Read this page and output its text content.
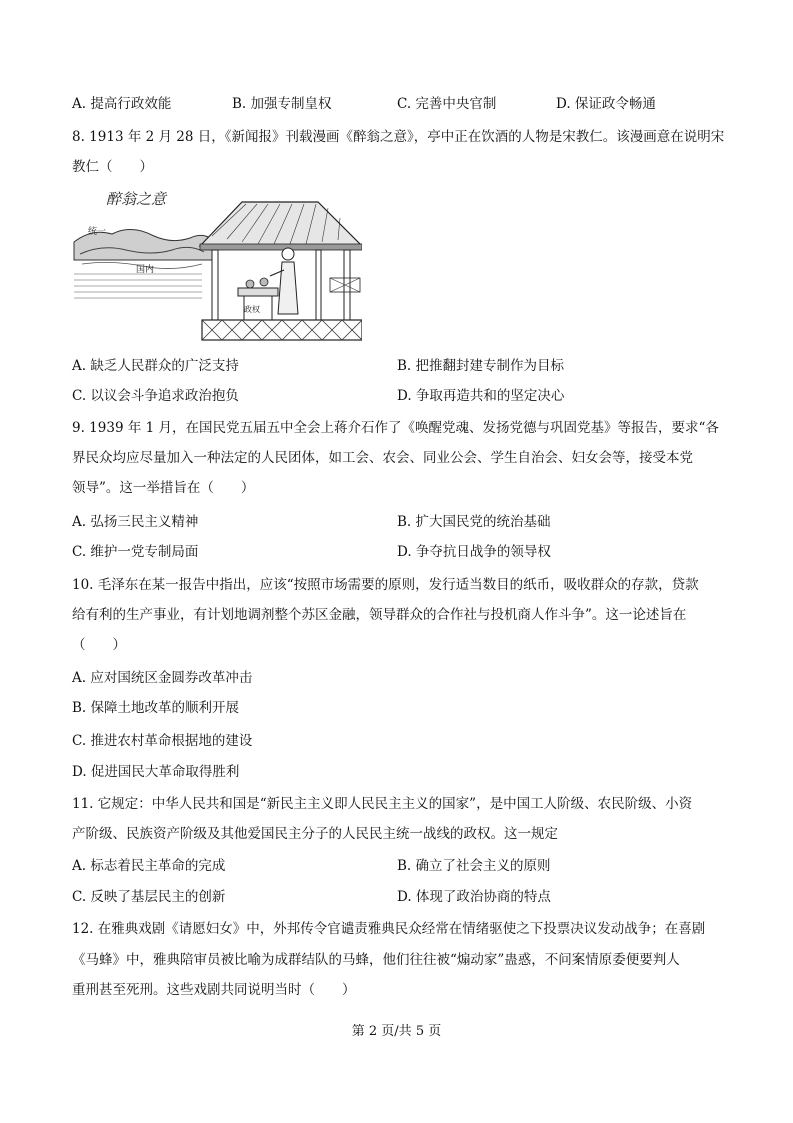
A. 提高行政效能	B. 加强专制皇权	C. 完善中央官制	D. 保证政令畅通
8. 1913 年 2 月 28 日，《新闻报》刊载漫画《醉翁之意》，亭中正在饮酒的人物是宋教仁。该漫画意在说明宋
教仁（　　）
醉翁之意
统一
国内
政权
A. 缺乏人民群众的广泛支持	B. 把推翻封建专制作为目标
C. 以议会斗争追求政治抱负	D. 争取再造共和的坚定决心
9. 1939 年 1 月，在国民党五届五中全会上蒋介石作了《唤醒党魂、发扬党德与巩固党基》等报告，要求“各
界民众均应尽量加入一种法定的人民团体，如工会、农会、同业公会、学生自治会、妇女会等，接受本党
领导”。这一举措旨在（　　）
A. 弘扬三民主义精神	B. 扩大国民党的统治基础
C. 维护一党专制局面	D. 争夺抗日战争的领导权
10. 毛泽东在某一报告中指出，应该“按照市场需要的原则，发行适当数目的纸币，吸收群众的存款，贷款
给有利的生产事业，有计划地调剂整个苏区金融，领导群众的合作社与投机商人作斗争”。这一论述旨在
（　　）
A. 应对国统区金圆券改革冲击
B. 保障土地改革的顺利开展
C. 推进农村革命根据地的建设
D. 促进国民大革命取得胜利
11. 它规定：中华人民共和国是“新民主主义即人民民主主义的国家”，是中国工人阶级、农民阶级、小资
产阶级、民族资产阶级及其他爱国民主分子的人民民主统一战线的政权。这一规定
A. 标志着民主革命的完成	B. 确立了社会主义的原则
C. 反映了基层民主的创新	D. 体现了政治协商的特点
12. 在雅典戏剧《请愿妇女》中，外邦传令官谴责雅典民众经常在情绪驱使之下投票决议发动战争；在喜剧
《马蜂》中，雅典陪审员被比喻为成群结队的马蜂，他们往往被“煽动家”蛊惑，不问案情原委便要判人
重刑甚至死刑。这些戏剧共同说明当时（　　）
第 2 页/共 5 页
